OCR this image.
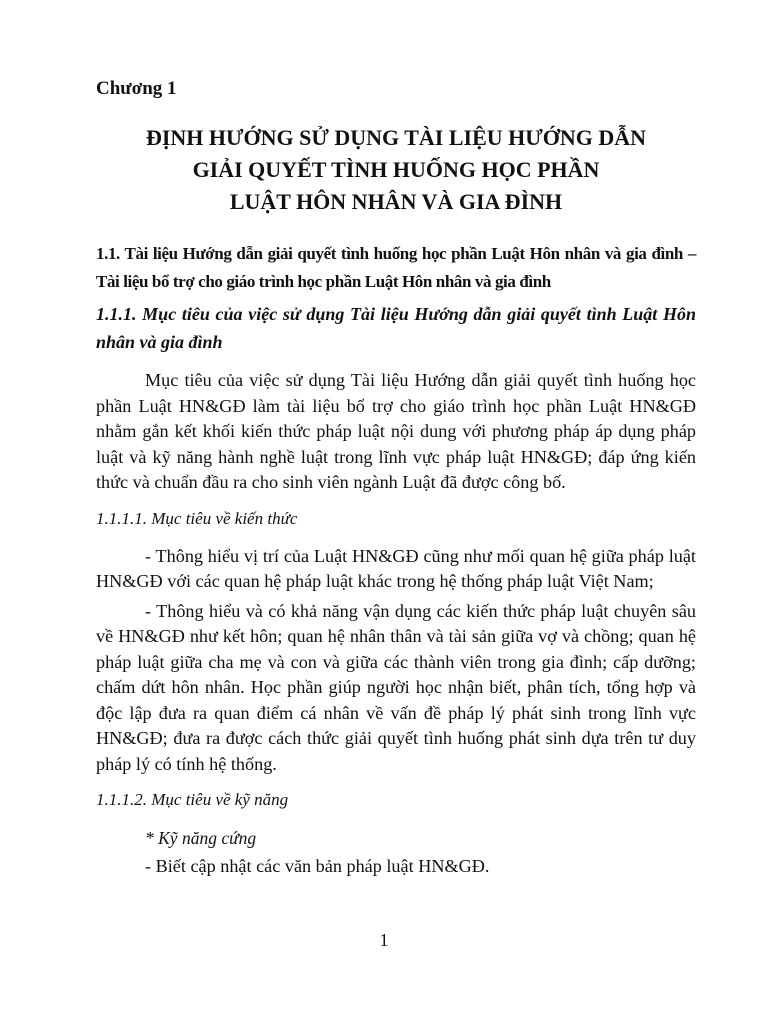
Chương 1
ĐỊNH HƯỚNG SỬ DỤNG TÀI LIỆU HƯỚNG DẪN
GIẢI QUYẾT TÌNH HUỐNG HỌC PHẦN
LUẬT HÔN NHÂN VÀ GIA ĐÌNH

1.1. Tài liệu Hướng dẫn giải quyết tình huống học phần Luật Hôn nhân và gia đình – Tài liệu bổ trợ cho giáo trình học phần Luật Hôn nhân và gia đình

1.1.1. Mục tiêu của việc sử dụng Tài liệu Hướng dẫn giải quyết tình Luật Hôn nhân và gia đình

Mục tiêu của việc sử dụng Tài liệu Hướng dẫn giải quyết tình huống học phần Luật HN&GĐ làm tài liệu bổ trợ cho giáo trình học phần Luật HN&GĐ nhằm gắn kết khối kiến thức pháp luật nội dung với phương pháp áp dụng pháp luật và kỹ năng hành nghề luật trong lĩnh vực pháp luật HN&GĐ; đáp ứng kiến thức và chuẩn đầu ra cho sinh viên ngành Luật đã được công bố.

1.1.1.1. Mục tiêu về kiến thức

- Thông hiểu vị trí của Luật HN&GĐ cũng như mối quan hệ giữa pháp luật HN&GĐ với các quan hệ pháp luật khác trong hệ thống pháp luật Việt Nam;

- Thông hiểu và có khả năng vận dụng các kiến thức pháp luật chuyên sâu về HN&GĐ như kết hôn; quan hệ nhân thân và tài sản giữa vợ và chồng; quan hệ pháp luật giữa cha mẹ và con và giữa các thành viên trong gia đình; cấp dưỡng; chấm dứt hôn nhân. Học phần giúp người học nhận biết, phân tích, tổng hợp và độc lập đưa ra quan điểm cá nhân về vấn đề pháp lý phát sinh trong lĩnh vực HN&GĐ; đưa ra được cách thức giải quyết tình huống phát sinh dựa trên tư duy pháp lý có tính hệ thống.

1.1.1.2. Mục tiêu về kỹ năng

* Kỹ năng cứng

- Biết cập nhật các văn bản pháp luật HN&GĐ.

1
